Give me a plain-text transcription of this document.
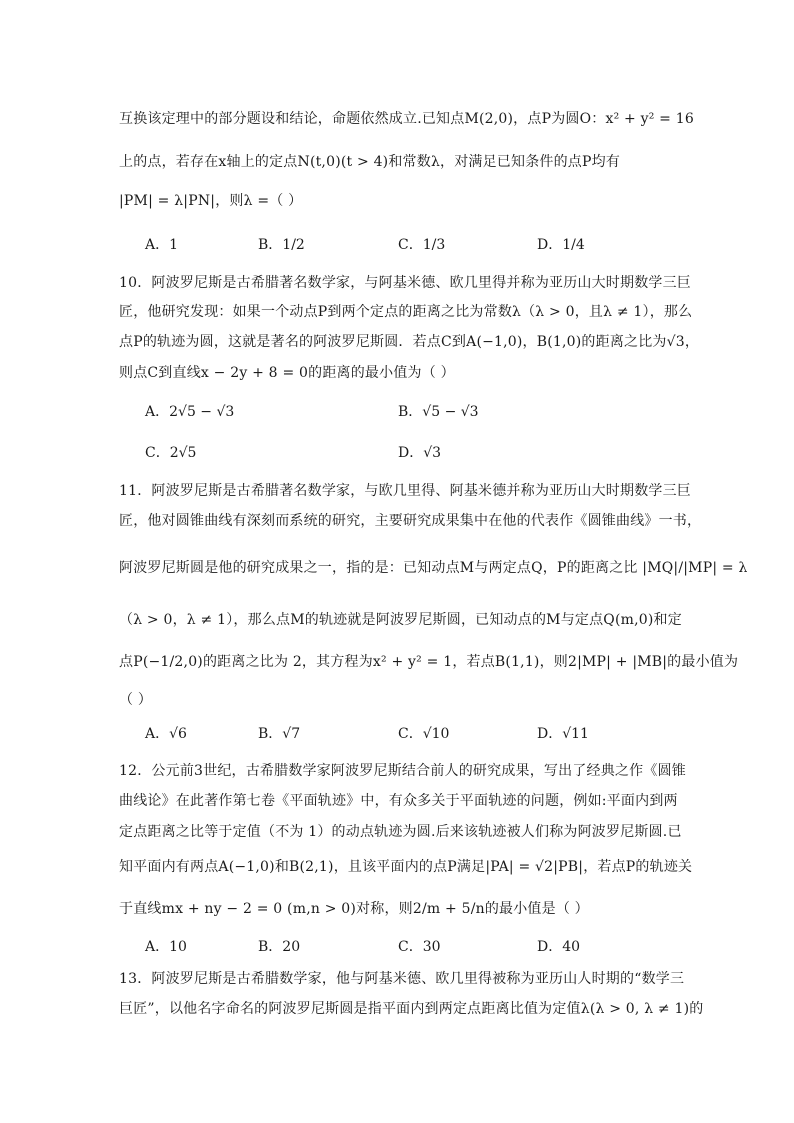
互换该定理中的部分题设和结论，命题依然成立.已知点M(2,0)，点P为圆O：x² + y² = 16
上的点，若存在x轴上的定点N(t,0)(t > 4)和常数λ，对满足已知条件的点P均有
|PM| = λ|PN|，则λ =（ ）
A．1	B．1/2	C．1/3	D．1/4
10．阿波罗尼斯是古希腊著名数学家，与阿基米德、欧几里得并称为亚历山大时期数学三巨
匠，他研究发现：如果一个动点P到两个定点的距离之比为常数λ（λ > 0，且λ ≠ 1），那么
点P的轨迹为圆，这就是著名的阿波罗尼斯圆．若点C到A(−1,0)，B(1,0)的距离之比为√3，
则点C到直线x − 2y + 8 = 0的距离的最小值为（ ）
A．2√5 − √3	B．√5 − √3
C．2√5	D．√3
11．阿波罗尼斯是古希腊著名数学家，与欧几里得、阿基米德并称为亚历山大时期数学三巨
匠，他对圆锥曲线有深刻而系统的研究，主要研究成果集中在他的代表作《圆锥曲线》一书，
阿波罗尼斯圆是他的研究成果之一，指的是：已知动点M与两定点Q，P的距离之比 |MQ|/|MP| = λ
（λ > 0，λ ≠ 1），那么点M的轨迹就是阿波罗尼斯圆，已知动点的M与定点Q(m,0)和定
点P(−1/2,0)的距离之比为 2，其方程为x² + y² = 1，若点B(1,1)，则2|MP| + |MB|的最小值为
（ ）
A．√6	B．√7	C．√10	D．√11
12．公元前3世纪，古希腊数学家阿波罗尼斯结合前人的研究成果，写出了经典之作《圆锥
曲线论》在此著作第七卷《平面轨迹》中，有众多关于平面轨迹的问题，例如:平面内到两
定点距离之比等于定值（不为 1）的动点轨迹为圆.后来该轨迹被人们称为阿波罗尼斯圆.已
知平面内有两点A(−1,0)和B(2,1)，且该平面内的点P满足|PA| = √2|PB|，若点P的轨迹关
于直线mx + ny − 2 = 0 (m,n > 0)对称，则2/m + 5/n的最小值是（ ）
A．10	B．20	C．30	D．40
13．阿波罗尼斯是古希腊数学家，他与阿基米德、欧几里得被称为亚历山人时期的“数学三
巨匠”，以他名字命名的阿波罗尼斯圆是指平面内到两定点距离比值为定值λ(λ > 0, λ ≠ 1)的
